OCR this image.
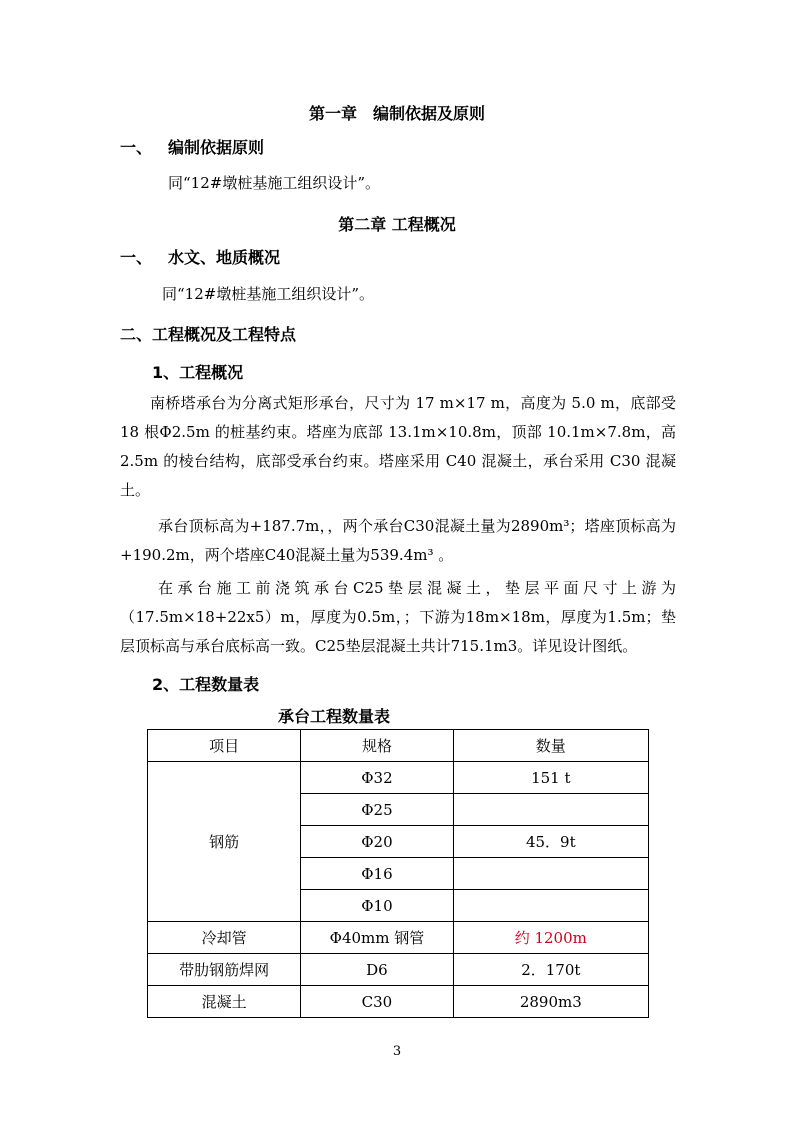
第一章　编制依据及原则
一、 编制依据原则
同“12#墩桩基施工组织设计”。
第二章 工程概况
一、 水文、地质概况
同“12#墩桩基施工组织设计”。
二、工程概况及工程特点
1、工程概况
南桥塔承台为分离式矩形承台，尺寸为 17 m×17 m，高度为 5.0 m，底部受18 根Φ2.5m 的桩基约束。塔座为底部 13.1m×10.8m，顶部 10.1m×7.8m，高2.5m 的棱台结构，底部受承台约束。塔座采用 C40 混凝土，承台采用 C30 混凝土。
承台顶标高为+187.7m，，两个承台C30混凝土量为2890m³；塔座顶标高为+190.2m，两个塔座C40混凝土量为539.4m³ 。
在承台施工前浇筑承台C25垫层混凝土，垫层平面尺寸上游为（17.5m×18+22x5）m，厚度为0.5m，；下游为18m×18m，厚度为1.5m；垫层顶标高与承台底标高一致。C25垫层混凝土共计715.1m3。详见设计图纸。
2、工程数量表
承台工程数量表
项目	规格	数量
钢筋	Φ32	151 t
	Φ25	
	Φ20	45．9t
	Φ16	
	Φ10	
冷却管	Φ40mm 钢管	约 1200m
带肋钢筋焊网	D6	2．170t
混凝土	C30	2890m3
3
